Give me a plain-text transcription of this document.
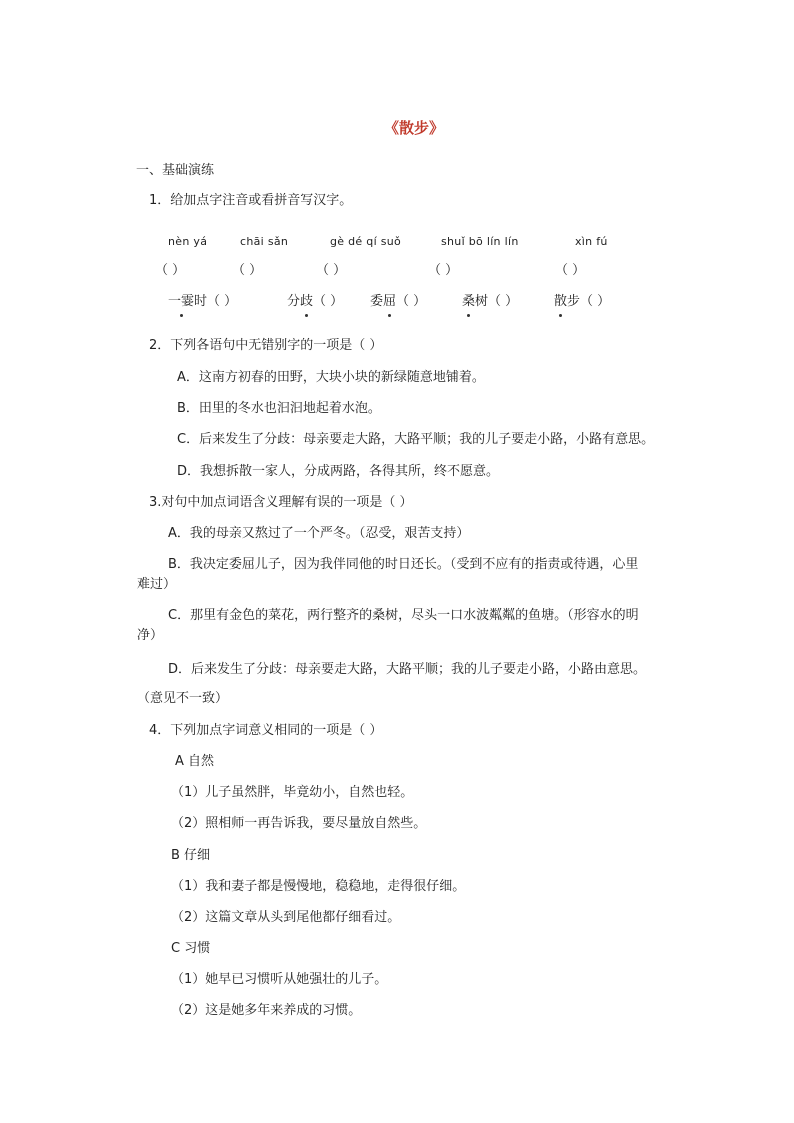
《散步》
一、基础演练
1．给加点字注音或看拼音写汉字。
nèn yá	chāi sǎn	gè dé qí suǒ	shuǐ bō lín lín	xìn fú
（ ）	（ ）	（ ）	（ ）	（ ）
一霎时（ ）	分歧（ ） 委屈（ ）	桑树（ ）	散步（ ）
2．下列各语句中无错别字的一项是（ ）
A．这南方初春的田野，大块小块的新绿随意地铺着。
B．田里的冬水也汩汩地起着水泡。
C．后来发生了分歧：母亲要走大路，大路平顺；我的儿子要走小路，小路有意思。
D．我想拆散一家人，分成两路，各得其所，终不愿意。
3.对句中加点词语含义理解有误的一项是（ ）
A．我的母亲又熬过了一个严冬。（忍受，艰苦支持）
B．我决定委屈儿子，因为我伴同他的时日还长。（受到不应有的指责或待遇，心里
难过）
C．那里有金色的菜花，两行整齐的桑树，尽头一口水波粼粼的鱼塘。（形容水的明
净）
D．后来发生了分歧：母亲要走大路，大路平顺；我的儿子要走小路，小路由意思。
（意见不一致）
4．下列加点字词意义相同的一项是（ ）
A 自然
（1）儿子虽然胖，毕竟幼小，自然也轻。
（2）照相师一再告诉我，要尽量放自然些。
B 仔细
（1）我和妻子都是慢慢地，稳稳地，走得很仔细。
（2）这篇文章从头到尾他都仔细看过。
C 习惯
（1）她早已习惯听从她强壮的儿子。
（2）这是她多年来养成的习惯。
